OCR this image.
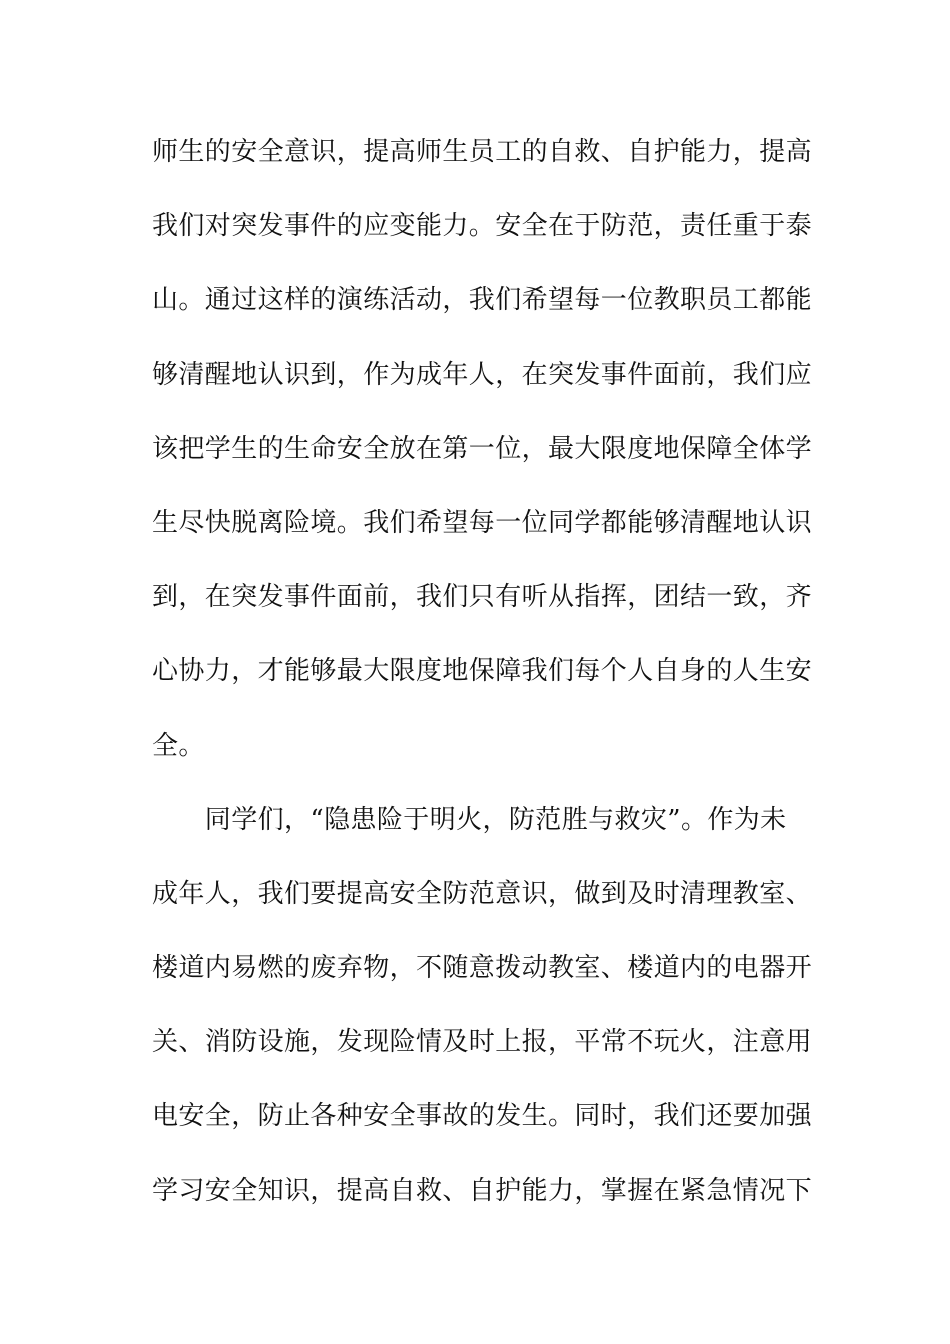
师生的安全意识，提高师生员工的自救、自护能力，提高
我们对突发事件的应变能力。安全在于防范，责任重于泰
山。通过这样的演练活动，我们希望每一位教职员工都能
够清醒地认识到，作为成年人，在突发事件面前，我们应
该把学生的生命安全放在第一位，最大限度地保障全体学
生尽快脱离险境。我们希望每一位同学都能够清醒地认识
到，在突发事件面前，我们只有听从指挥，团结一致，齐
心协力，才能够最大限度地保障我们每个人自身的人生安
全。
　　同学们，“隐患险于明火，防范胜与救灾”。作为未
成年人，我们要提高安全防范意识，做到及时清理教室、
楼道内易燃的废弃物，不随意拨动教室、楼道内的电器开
关、消防设施，发现险情及时上报，平常不玩火，注意用
电安全，防止各种安全事故的发生。同时，我们还要加强
学习安全知识，提高自救、自护能力，掌握在紧急情况下
